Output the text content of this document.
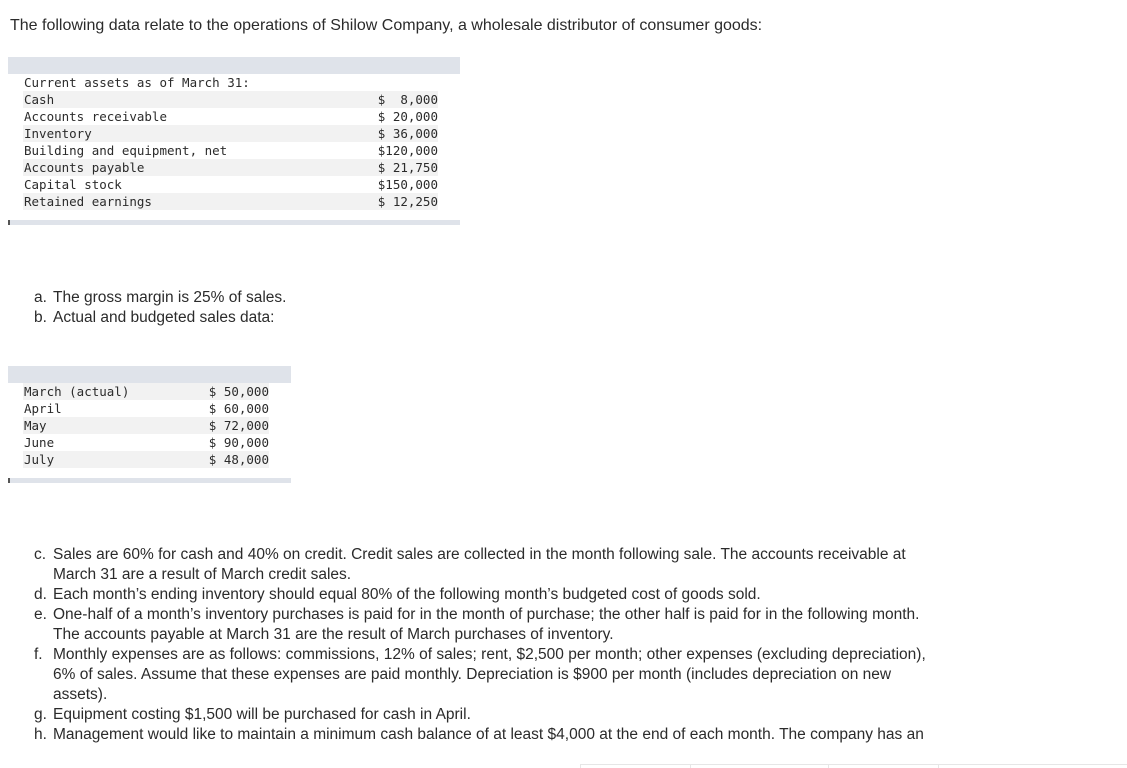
The following data relate to the operations of Shilow Company, a wholesale distributor of consumer goods:
Current assets as of March 31:
Cash	$  8,000
Accounts receivable	$ 20,000
Inventory	$ 36,000
Building and equipment, net	$120,000
Accounts payable	$ 21,750
Capital stock	$150,000
Retained earnings	$ 12,250
a. The gross margin is 25% of sales.
b. Actual and budgeted sales data:
March (actual)	$ 50,000
April	$ 60,000
May	$ 72,000
June	$ 90,000
July	$ 48,000
c. Sales are 60% for cash and 40% on credit. Credit sales are collected in the month following sale. The accounts receivable at
March 31 are a result of March credit sales.
d. Each month’s ending inventory should equal 80% of the following month’s budgeted cost of goods sold.
e. One-half of a month’s inventory purchases is paid for in the month of purchase; the other half is paid for in the following month.
The accounts payable at March 31 are the result of March purchases of inventory.
f. Monthly expenses are as follows: commissions, 12% of sales; rent, $2,500 per month; other expenses (excluding depreciation),
6% of sales. Assume that these expenses are paid monthly. Depreciation is $900 per month (includes depreciation on new
assets).
g. Equipment costing $1,500 will be purchased for cash in April.
h. Management would like to maintain a minimum cash balance of at least $4,000 at the end of each month. The company has an
